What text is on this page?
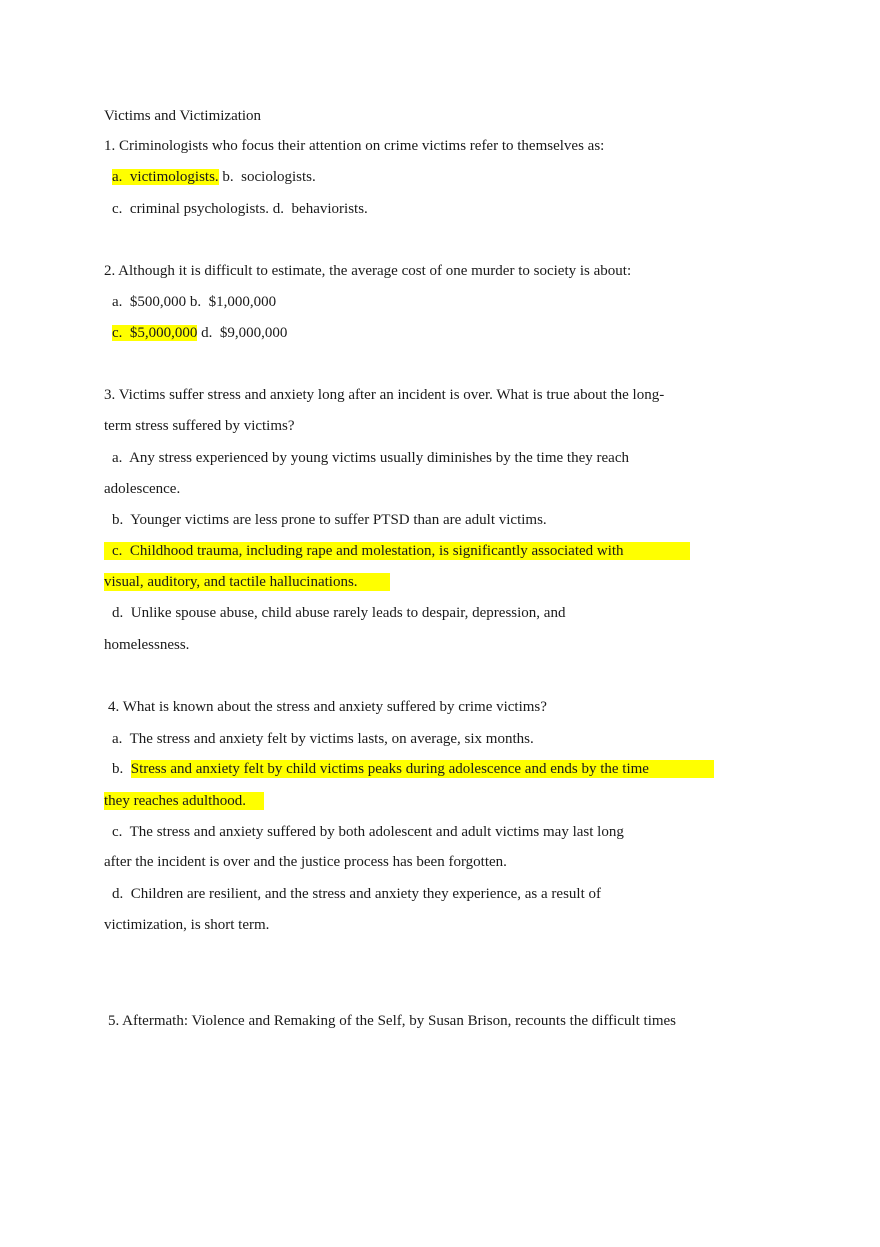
Victims and Victimization
1. Criminologists who focus their attention on crime victims refer to themselves as:
a.  victimologists. b.  sociologists.
c.  criminal psychologists. d.  behaviorists.
2. Although it is difficult to estimate, the average cost of one murder to society is about:
a.  $500,000 b.  $1,000,000
c.  $5,000,000 d.  $9,000,000
3. Victims suffer stress and anxiety long after an incident is over. What is true about the long-
term stress suffered by victims?
a.  Any stress experienced by young victims usually diminishes by the time they reach
adolescence.
b.  Younger victims are less prone to suffer PTSD than are adult victims.
c.  Childhood trauma, including rape and molestation, is significantly associated with
visual, auditory, and tactile hallucinations.
d.  Unlike spouse abuse, child abuse rarely leads to despair, depression, and
homelessness.
4. What is known about the stress and anxiety suffered by crime victims?
a.  The stress and anxiety felt by victims lasts, on average, six months.
b.  Stress and anxiety felt by child victims peaks during adolescence and ends by the time
they reaches adulthood.
c.  The stress and anxiety suffered by both adolescent and adult victims may last long
after the incident is over and the justice process has been forgotten.
d.  Children are resilient, and the stress and anxiety they experience, as a result of
victimization, is short term.
5. Aftermath: Violence and Remaking of the Self, by Susan Brison, recounts the difficult times
